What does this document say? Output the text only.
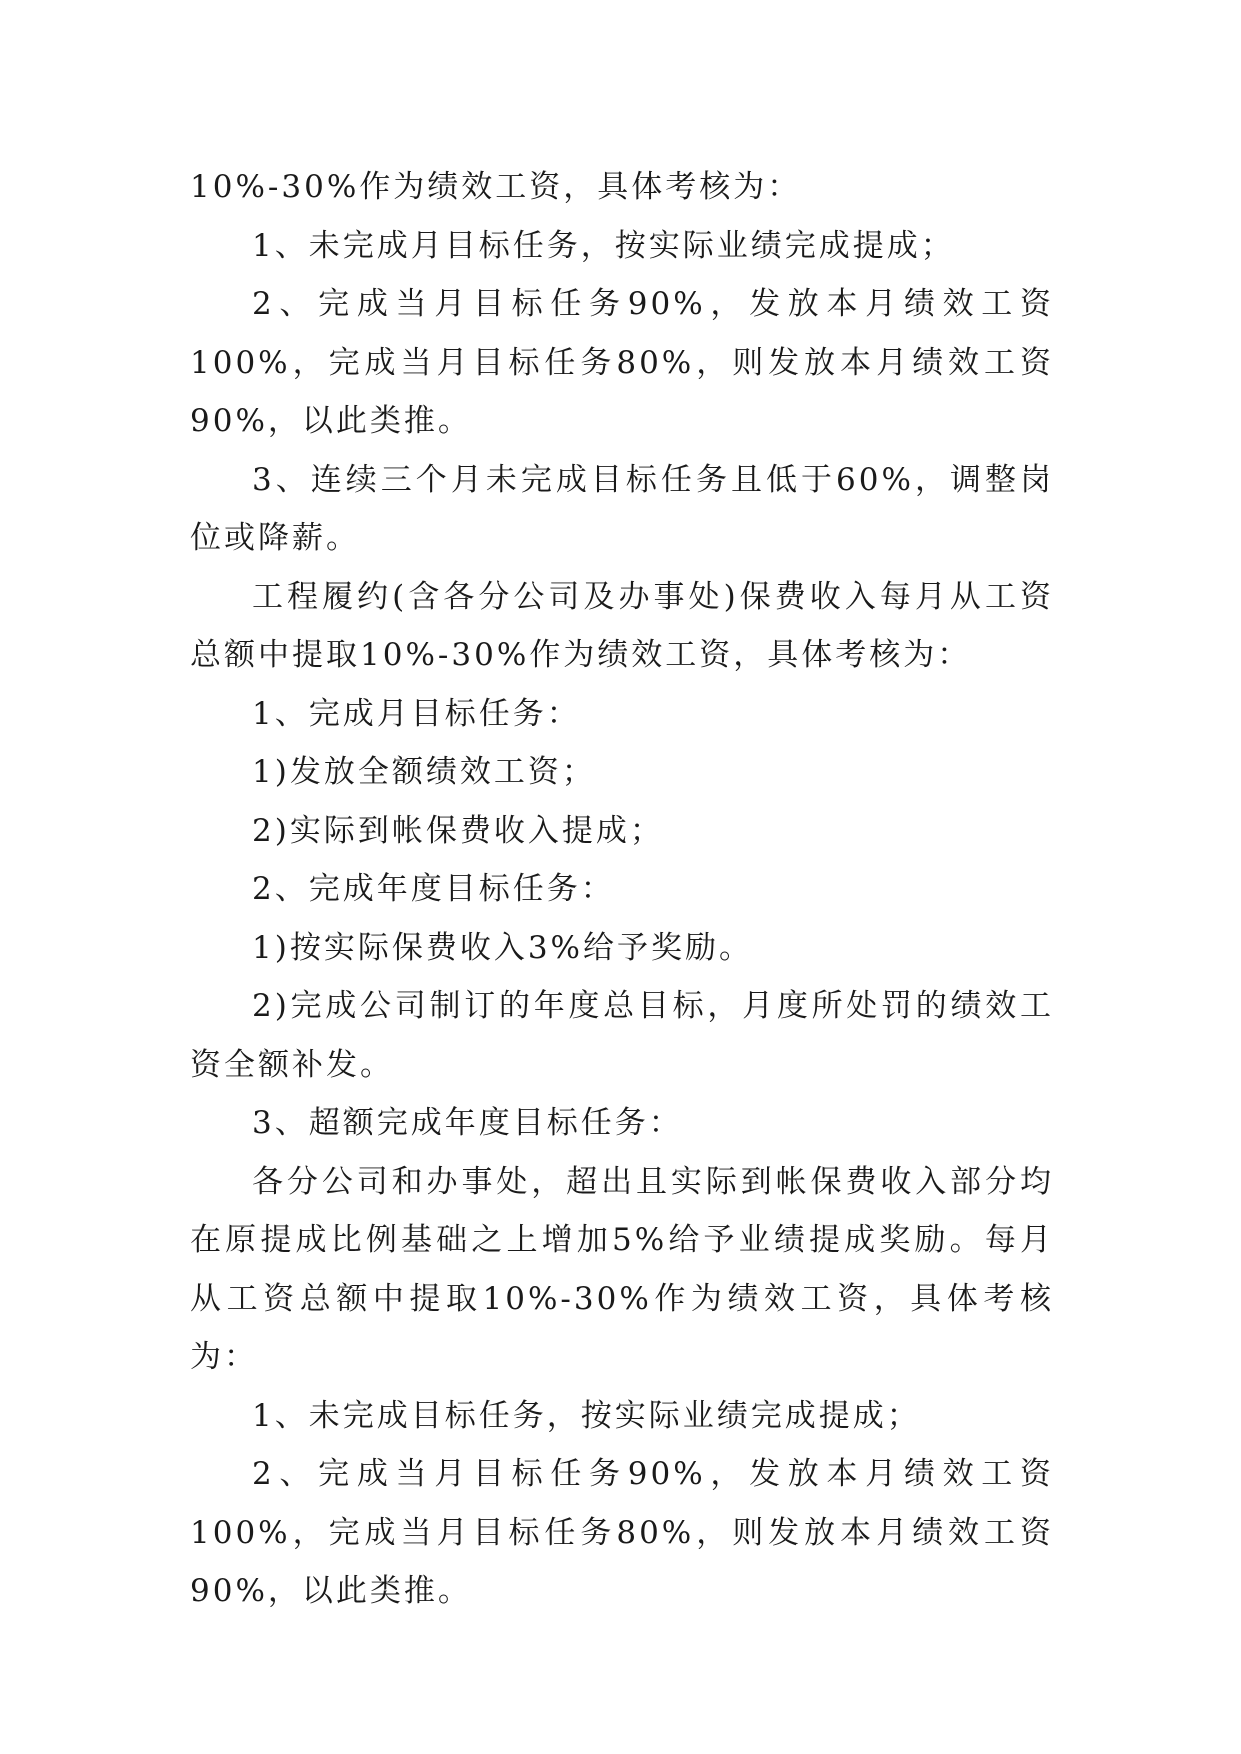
10%-30%作为绩效工资，具体考核为：

1、未完成月目标任务，按实际业绩完成提成；

2、完成当月目标任务90%，发放本月绩效工资100%，完成当月目标任务80%，则发放本月绩效工资90%，以此类推。

3、连续三个月未完成目标任务且低于60%，调整岗位或降薪。

工程履约(含各分公司及办事处)保费收入每月从工资总额中提取10%-30%作为绩效工资，具体考核为：

1、完成月目标任务：

1)发放全额绩效工资；

2)实际到帐保费收入提成；

2、完成年度目标任务：

1)按实际保费收入3%给予奖励。

2)完成公司制订的年度总目标，月度所处罚的绩效工资全额补发。

3、超额完成年度目标任务：

各分公司和办事处，超出且实际到帐保费收入部分均在原提成比例基础之上增加5%给予业绩提成奖励。每月从工资总额中提取10%-30%作为绩效工资，具体考核为：

1、未完成目标任务，按实际业绩完成提成；

2、完成当月目标任务90%，发放本月绩效工资100%，完成当月目标任务80%，则发放本月绩效工资90%，以此类推。
